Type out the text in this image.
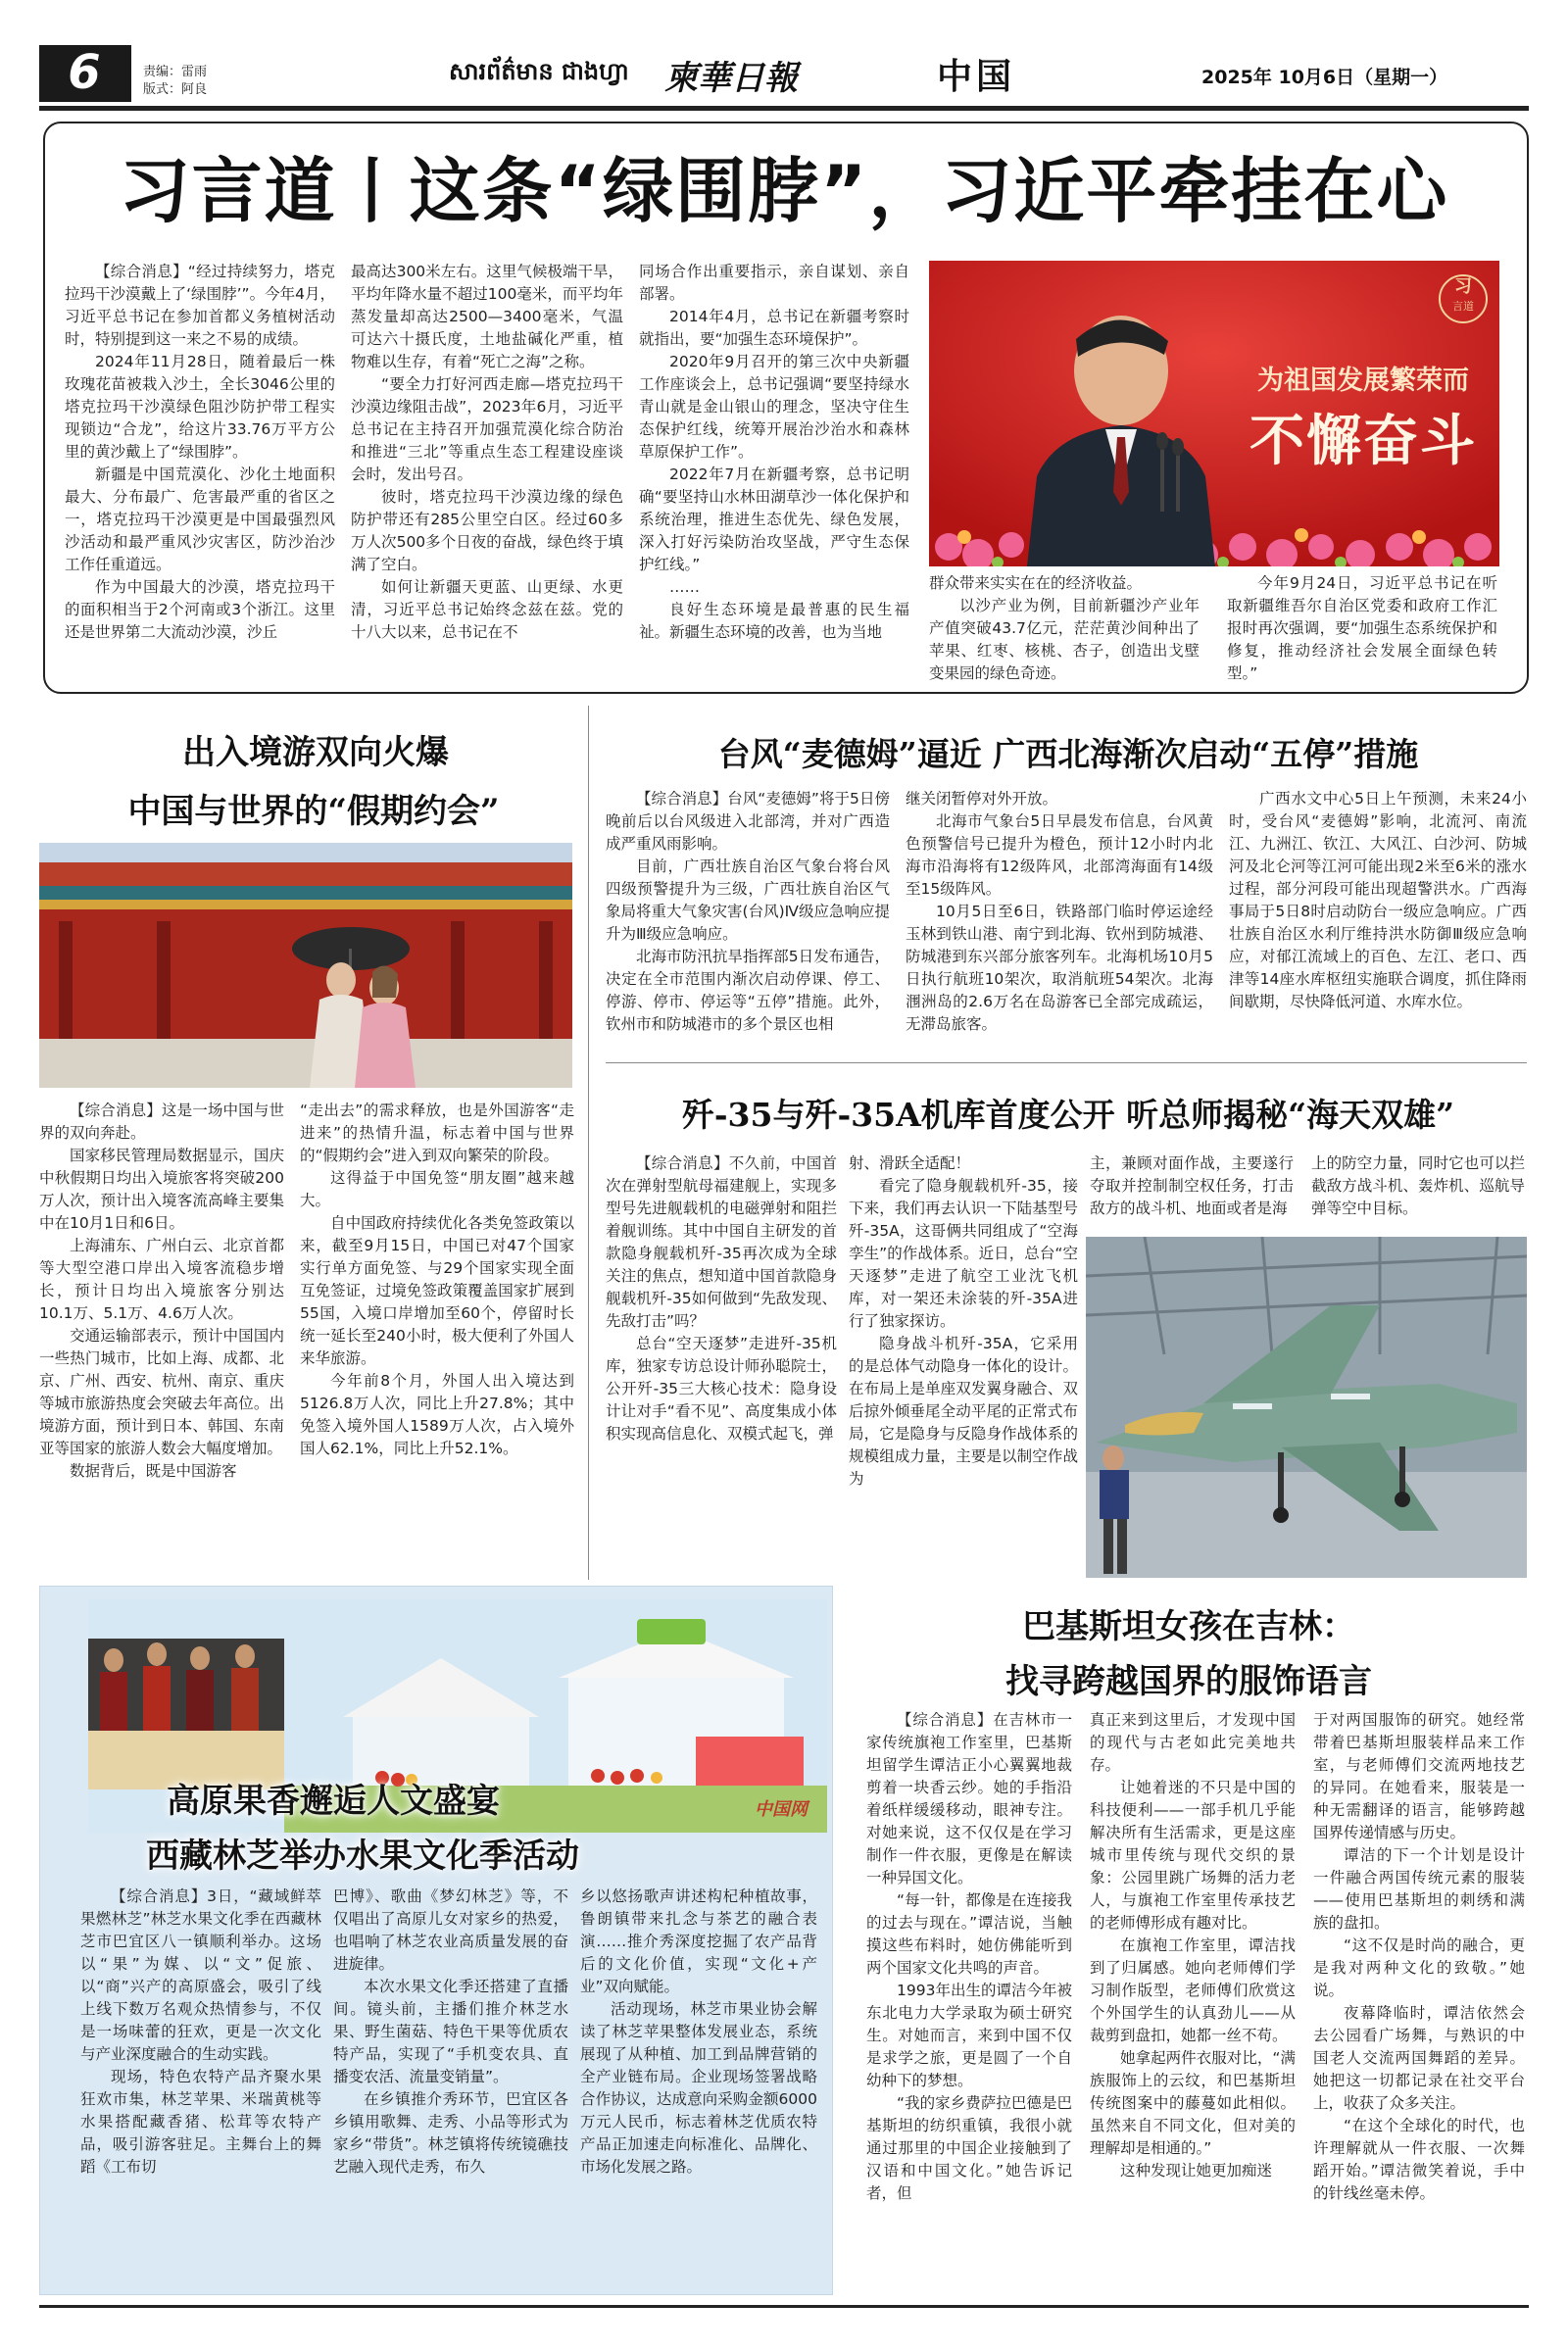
6	责编：雷雨
版式：阿良
សារព័ត៌មាន ជាងហ្វា 柬華日報	中国	2025年 10月6日（星期一）
习言道丨这条“绿围脖”，习近平牵挂在心

【综合消息】“经过持续努力，塔克拉玛干沙漠戴上了‘绿围脖’”。今年4月，习近平总书记在参加首都义务植树活动时，特别提到这一来之不易的成绩。

2024年11月28日，随着最后一株玫瑰花苗被栽入沙土，全长3046公里的塔克拉玛干沙漠绿色阻沙防护带工程实现锁边“合龙”，给这片33.76万平方公里的黄沙戴上了“绿围脖”。

新疆是中国荒漠化、沙化土地面积最大、分布最广、危害最严重的省区之一，塔克拉玛干沙漠更是中国最强烈风沙活动和最严重风沙灾害区，防沙治沙工作任重道远。

作为中国最大的沙漠，塔克拉玛干的面积相当于2个河南或3个浙江。这里还是世界第二大流动沙漠，沙丘

最高达300米左右。这里气候极端干旱，平均年降水量不超过100毫米，而平均年蒸发量却高达2500—3400毫米，气温可达六十摄氏度，土地盐碱化严重，植物难以生存，有着“死亡之海”之称。

“要全力打好河西走廊—塔克拉玛干沙漠边缘阻击战”，2023年6月，习近平总书记在主持召开加强荒漠化综合防治和推进“三北”等重点生态工程建设座谈会时，发出号召。

彼时，塔克拉玛干沙漠边缘的绿色防护带还有285公里空白区。经过60多万人次500多个日夜的奋战，绿色终于填满了空白。

如何让新疆天更蓝、山更绿、水更清，习近平总书记始终念兹在兹。党的十八大以来，总书记在不

同场合作出重要指示，亲自谋划、亲自部署。

2014年4月，总书记在新疆考察时就指出，要“加强生态环境保护”。

2020年9月召开的第三次中央新疆工作座谈会上，总书记强调“要坚持绿水青山就是金山银山的理念，坚决守住生态保护红线，统筹开展治沙治水和森林草原保护工作”。

2022年7月在新疆考察，总书记明确“要坚持山水林田湖草沙一体化保护和系统治理，推进生态优先、绿色发展，深入打好污染防治攻坚战，严守生态保护红线。”

……

良好生态环境是最普惠的民生福祉。新疆生态环境的改善，也为当地

习
言道
为祖国发展繁荣而
不懈奋斗

群众带来实实在在的经济收益。

以沙产业为例，目前新疆沙产业年产值突破43.7亿元，茫茫黄沙间种出了苹果、红枣、核桃、杏子，创造出戈壁变果园的绿色奇迹。

今年9月24日，习近平总书记在听取新疆维吾尔自治区党委和政府工作汇报时再次强调，要“加强生态系统保护和修复，推动经济社会发展全面绿色转型。”

出入境游双向火爆
中国与世界的“假期约会”

【综合消息】这是一场中国与世界的双向奔赴。

国家移民管理局数据显示，国庆中秋假期日均出入境旅客将突破200万人次，预计出入境客流高峰主要集中在10月1日和6日。

上海浦东、广州白云、北京首都等大型空港口岸出入境客流稳步增长，预计日均出入境旅客分别达10.1万、5.1万、4.6万人次。

交通运输部表示，预计中国国内一些热门城市，比如上海、成都、北京、广州、西安、杭州、南京、重庆等城市旅游热度会突破去年高位。出境游方面，预计到日本、韩国、东南亚等国家的旅游人数会大幅度增加。

数据背后，既是中国游客

“走出去”的需求释放，也是外国游客“走进来”的热情升温，标志着中国与世界的“假期约会”进入到双向繁荣的阶段。

这得益于中国免签“朋友圈”越来越大。

自中国政府持续优化各类免签政策以来，截至9月15日，中国已对47个国家实行单方面免签、与29个国家实现全面互免签证，过境免签政策覆盖国家扩展到55国，入境口岸增加至60个，停留时长统一延长至240小时，极大便利了外国人来华旅游。

今年前8个月，外国人出入境达到5126.8万人次，同比上升27.8%；其中免签入境外国人1589万人次，占入境外国人62.1%，同比上升52.1%。

台风“麦德姆”逼近 广西北海渐次启动“五停”措施

【综合消息】台风“麦德姆”将于5日傍晚前后以台风级进入北部湾，并对广西造成严重风雨影响。

目前，广西壮族自治区气象台将台风四级预警提升为三级，广西壮族自治区气象局将重大气象灾害(台风)Ⅳ级应急响应提升为Ⅲ级应急响应。

北海市防汛抗旱指挥部5日发布通告，决定在全市范围内渐次启动停课、停工、停游、停市、停运等“五停”措施。此外，钦州市和防城港市的多个景区也相

继关闭暂停对外开放。

北海市气象台5日早晨发布信息，台风黄色预警信号已提升为橙色，预计12小时内北海市沿海将有12级阵风，北部湾海面有14级至15级阵风。

10月5日至6日，铁路部门临时停运途经玉林到铁山港、南宁到北海、钦州到防城港、防城港到东兴部分旅客列车。北海机场10月5日执行航班10架次，取消航班54架次。北海涠洲岛的2.6万名在岛游客已全部完成疏运，无滞岛旅客。

广西水文中心5日上午预测，未来24小时，受台风“麦德姆”影响，北流河、南流江、九洲江、钦江、大风江、白沙河、防城河及北仑河等江河可能出现2米至6米的涨水过程，部分河段可能出现超警洪水。广西海事局于5日8时启动防台一级应急响应。广西壮族自治区水利厅维持洪水防御Ⅲ级应急响应，对郁江流域上的百色、左江、老口、西津等14座水库枢纽实施联合调度，抓住降雨间歇期，尽快降低河道、水库水位。

歼-35与歼-35A机库首度公开 听总师揭秘“海天双雄”

【综合消息】不久前，中国首次在弹射型航母福建舰上，实现多型号先进舰载机的电磁弹射和阻拦着舰训练。其中中国自主研发的首款隐身舰载机歼-35再次成为全球关注的焦点，想知道中国首款隐身舰载机歼-35如何做到“先敌发现、先敌打击”吗？

总台“空天逐梦”走进歼-35机库，独家专访总设计师孙聪院士，公开歼-35三大核心技术：隐身设计让对手“看不见”、高度集成小体积实现高信息化、双模式起飞，弹

射、滑跃全适配！

看完了隐身舰载机歼-35，接下来，我们再去认识一下陆基型号歼-35A，这哥俩共同组成了“空海孪生”的作战体系。近日，总台“空天逐梦”走进了航空工业沈飞机库，对一架还未涂装的歼-35A进行了独家探访。

隐身战斗机歼-35A，它采用的是总体气动隐身一体化的设计。在布局上是单座双发翼身融合、双后掠外倾垂尾全动平尾的正常式布局，它是隐身与反隐身作战体系的规模组成力量，主要是以制空作战为

主，兼顾对面作战，主要遂行夺取并控制制空权任务，打击敌方的战斗机、地面或者是海

上的防空力量，同时它也可以拦截敌方战斗机、轰炸机、巡航导弹等空中目标。

中国网
高原果香邂逅人文盛宴
西藏林芝举办水果文化季活动

【综合消息】3日，“藏域鲜萃 果燃林芝”林芝水果文化季在西藏林芝市巴宜区八一镇顺利举办。这场以“果”为媒、以“文”促旅、以“商”兴产的高原盛会，吸引了线上线下数万名观众热情参与，不仅是一场味蕾的狂欢，更是一次文化与产业深度融合的生动实践。

现场，特色农特产品齐聚水果狂欢市集，林芝苹果、米瑞黄桃等水果搭配藏香猪、松茸等农特产品，吸引游客驻足。主舞台上的舞蹈《工布切

巴博》、歌曲《梦幻林芝》等，不仅唱出了高原儿女对家乡的热爱，也唱响了林芝农业高质量发展的奋进旋律。

本次水果文化季还搭建了直播间。镜头前，主播们推介林芝水果、野生菌菇、特色干果等优质农特产品，实现了“手机变农具、直播变农活、流量变销量”。

在乡镇推介秀环节，巴宜区各乡镇用歌舞、走秀、小品等形式为家乡“带货”。林芝镇将传统镜礁技艺融入现代走秀，布久

乡以悠扬歌声讲述构杞种植故事，鲁朗镇带来扎念与茶艺的融合表演……推介秀深度挖掘了农产品背后的文化价值，实现“文化+产业”双向赋能。

活动现场，林芝市果业协会解读了林芝苹果整体发展业态，系统展现了从种植、加工到品牌营销的全产业链布局。企业现场签署战略合作协议，达成意向采购金额6000万元人民币，标志着林芝优质农特产品正加速走向标准化、品牌化、市场化发展之路。

巴基斯坦女孩在吉林：
找寻跨越国界的服饰语言

【综合消息】在吉林市一家传统旗袍工作室里，巴基斯坦留学生谭洁正小心翼翼地裁剪着一块香云纱。她的手指沿着纸样缓缓移动，眼神专注。对她来说，这不仅仅是在学习制作一件衣服，更像是在解读一种异国文化。

“每一针，都像是在连接我的过去与现在。”谭洁说，当触摸这些布料时，她仿佛能听到两个国家文化共鸣的声音。

1993年出生的谭洁今年被东北电力大学录取为硕士研究生。对她而言，来到中国不仅是求学之旅，更是圆了一个自幼种下的梦想。

“我的家乡费萨拉巴德是巴基斯坦的纺织重镇，我很小就通过那里的中国企业接触到了汉语和中国文化。”她告诉记者，但

真正来到这里后，才发现中国的现代与古老如此完美地共存。

让她着迷的不只是中国的科技便利——一部手机几乎能解决所有生活需求，更是这座城市里传统与现代交织的景象：公园里跳广场舞的活力老人，与旗袍工作室里传承技艺的老师傅形成有趣对比。

在旗袍工作室里，谭洁找到了归属感。她向老师傅们学习制作版型，老师傅们欣赏这个外国学生的认真劲儿——从裁剪到盘扣，她都一丝不苟。

她拿起两件衣服对比，“满族服饰上的云纹，和巴基斯坦传统图案中的藤蔓如此相似。虽然来自不同文化，但对美的理解却是相通的。”

这种发现让她更加痴迷

于对两国服饰的研究。她经常带着巴基斯坦服装样品来工作室，与老师傅们交流两地技艺的异同。在她看来，服装是一种无需翻译的语言，能够跨越国界传递情感与历史。

谭洁的下一个计划是设计一件融合两国传统元素的服装——使用巴基斯坦的刺绣和满族的盘扣。

“这不仅是时尚的融合，更是我对两种文化的致敬。”她说。

夜幕降临时，谭洁依然会去公园看广场舞，与熟识的中国老人交流两国舞蹈的差异。她把这一切都记录在社交平台上，收获了众多关注。

“在这个全球化的时代，也许理解就从一件衣服、一次舞蹈开始。”谭洁微笑着说，手中的针线丝毫未停。
